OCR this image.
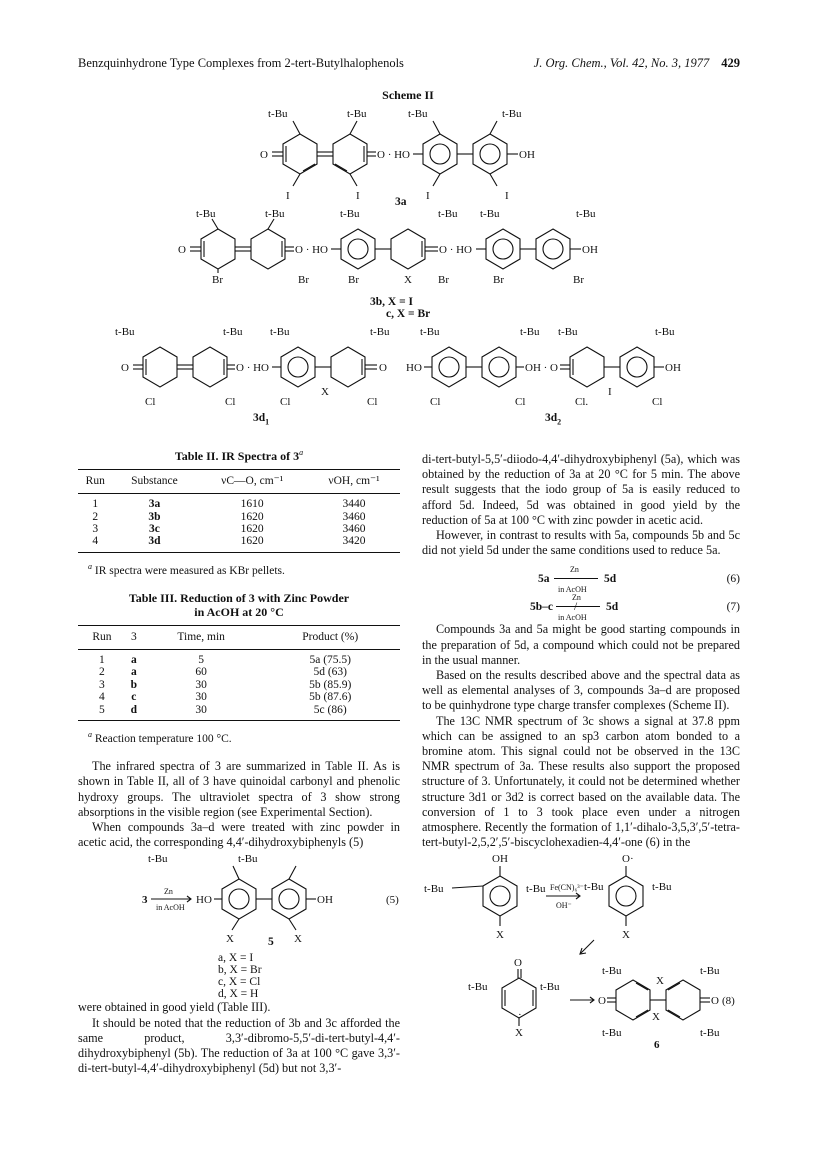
Benzquinhydrone Type Complexes from 2-tert-Butylhalophenols	J. Org. Chem., Vol. 42, No. 3, 1977 429
Scheme II
O	O · HO
t-Bu	t-Bu
I	I
OH
t-Bu	t-Bu
I	I
3a
O	O · HO
t-Bu	t-Bu
Br	Br	X
t-Bu	t-Bu
Br	Br
O · HO	OH
t-Bu	t-Bu
Br	Br
3b, X = I
c, X = Br
O	O · HO
t-Bu	t-Bu
Cl	Cl
O
t-Bu	t-Bu
X
Cl	Cl
$3d_1$
HO	OH · O	OH
t-Bu	t-Bu t-Bu	t-Bu
I
Cl	Cl	Cl.	Cl
$3d_2$
Table II. IR Spectra of 3$^a$
Run	Substance	νC—O, cm⁻¹	νOH, cm⁻¹
1	3a	1610	3440
2	3b	1620	3460
3	3c	1620	3460
4	3d	1620	3420
$^a$ IR spectra were measured as KBr pellets.
Table III. Reduction of 3 with Zinc Powder
in AcOH at 20 °C
Run	3	Time, min	Product (%)
1	a	5	5a (75.5)
2	a	60	5d (63)
3	b	30	5b (85.9)
4	c	30	5b (87.6)
5	d	30	5c (86)
$^a$ Reaction temperature 100 °C.

The infrared spectra of 3 are summarized in Table II. As is shown in Table II, all of 3 have quinoidal carbonyl and phenolic hydroxy groups. The ultraviolet spectra of 3 show strong absorptions in the visible region (see Experimental Section).

When compounds 3a–d were treated with zinc powder in acetic acid, the corresponding 4,4′-dihydroxybiphenyls (5)

t-Bu	t-Bu
3
Zn
in AcOH
HO	OH
X	X
(5)
5
a, X = I
b, X = Br
c, X = Cl
d, X = H

were obtained in good yield (Table III).

It should be noted that the reduction of 3b and 3c afforded the same product, 3,3′-dibromo-5,5′-di-tert-butyl-4,4′-dihydroxybiphenyl (5b). The reduction of 3a at 100 °C gave 3,3′-di-tert-butyl-4,4′-dihydroxybiphenyl (5d) but not 3,3′-

di-tert-butyl-5,5′-diiodo-4,4′-dihydroxybiphenyl (5a), which was obtained by the reduction of 3a at 20 °C for 5 min. The above result suggests that the iodo group of 5a is easily reduced to afford 5d. Indeed, 5d was obtained in good yield by the reduction of 5a at 100 °C with zinc powder in acetic acid.

However, in contrast to results with 5a, compounds 5b and 5c did not yield 5d under the same conditions used to reduce 5a.

5a
Zn
in AcOH
5d	(6)
5b–c
Zn
in AcOH
/	5d	(7)

Compounds 3a and 5a might be good starting compounds in the preparation of 5d, a compound which could not be prepared in the usual manner.

Based on the results described above and the spectral data as well as elemental analyses of 3, compounds 3a–d are proposed to be quinhydrone type charge transfer complexes (Scheme II).

The 13C NMR spectrum of 3c shows a signal at 37.8 ppm which can be assigned to an sp3 carbon atom bonded to a bromine atom. This signal could not be observed in the 13C NMR spectrum of 3a. These results also support the proposed structure of 3. Unfortunately, it could not be determined whether structure 3d1 or 3d2 is correct based on the available data. The conversion of 1 to 3 took place even under a nitrogen atmosphere. Recently the formation of 1,1′-dihalo-3,5,3′,5′-tetra-tert-butyl-2,5,2′,5′-biscyclohexadien-4,4′-one (6) in the

OH
t-Bu	t-Bu
X
Fe(CN)₆³⁻
OH⁻
O·
t-Bu	t-Bu
X
O
t-Bu	t-Bu
·
X
O	O
t-Bu	t-Bu
t-Bu	t-Bu
X
X
(8)
6
